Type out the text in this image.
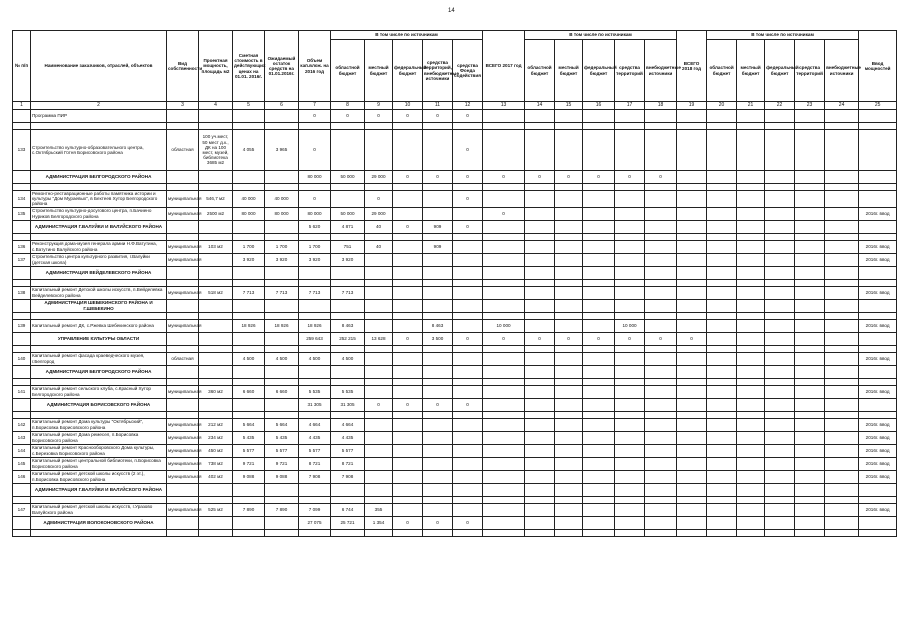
14
№ п/п	Наименование заказчиков, отраслей, объектов	Вид собственности	Проектная мощность, площадь м2	Сметная стоимость в действующих ценах на 01.01. 2016г.	Ожидаемый остаток средств на 01.01.2016г.	Объем кап.влож. на 2016 год	В том числе по источникам					ВСЕГО 2017 год	В том числе по источникам					ВСЕГО 2018 год	В том числе по источникам					Ввод мощностей
							областной бюджет	местный бюджет	федеральный бюджет	средства территорий, внебюджетные источники	средства Фонда содействия		областной бюджет	местный бюджет	федеральный бюджет	средства территорий	внебюджетные источники		областной бюджет	местный бюджет	федеральный бюджет	средства территорий	внебюджетные источники	
1	2	3	4	5	6	7	8	9	10	11	12	13	14	15	16	17	18	19	20	21	22	23	24	25
	Программа ПИР					0	0	0	0	0	0													

133	Строительство культурно-образовательного центра, с.Октябрьский Готня Борисовского района	областная	100 уч.мест, 50 мест д.к., ДК на 100 мест, музей, библиотека 3685 м2	4 055	3 965	0					0													
	АДМИНИСТРАЦИЯ БЕЛГОРОДСКОГО РАЙОНА					80 000	50 000	29 000	0	0	0	0	0	0	0	0	0							

134	Ремонтно-реставрационные работы памятника истории и культуры "Дом Мураевых", в Бехтеев Хутор Белгородского района	муниципальная	546,7 м2	40 000	40 000	0		0			0													
135	Строительство культурно-досугового центра, п.Бачиено Нуриков Белгородского района	муниципальная	2500 м2	80 000	80 000	80 000	50 000	29 000				0												2016г. ввод
	АДМИНИСТРАЦИЯ Г.ВАЛУЙКИ И ВАЛУЙСКОГО РАЙОНА					5 620	4 871	40	0	909	0													

136	Реконструкция дома-музея генерала армии Н.Ф.Ватутина, с.Ватутино Валуйского района	муниципальная	103 м2	1 700	1 700	1 700	751	40		909														2016г. ввод
137	Строительство центра культурного развития, г.Валуйки (детская школа)	муниципальная		3 920	3 920	3 920	3 920																	2016г. ввод
	АДМИНИСТРАЦИЯ ВЕЙДЕЛЕВСКОГО РАЙОНА																							

138	Капитальный ремонт Детской школы искусств, п.Вейделевка Вейделевского района	муниципальная	518 м2	7 713	7 713	7 713	7 713																	2016г. ввод
	АДМИНИСТРАЦИЯ ШЕБЕКИНСКОГО РАЙОНА И Г.ШЕБЕКИНО																							

139	Капитальный ремонт ДК, с.Ржевка Шебекинского района	муниципальная		18 926	18 926	18 926	8 463			8 463		10 000				10 000								2016г. ввод
	УПРАВЛЕНИЕ КУЛЬТУРЫ ОБЛАСТИ					259 643	252 215	13 628	0	3 500	0	0	0	0	0	0	0	0						

140	Капитальный ремонт фасада краеведческого музея, г.Белгород	областная		4 500	4 500	4 500	4 500																	2016г. ввод
	АДМИНИСТРАЦИЯ БЕЛГОРОДСКОГО РАЙОНА																							

141	Капитальный ремонт сельского клуба, с.Красный Хутор Белгородского района	муниципальная	360 м2	6 660	6 660	5 535	5 535																	2016г. ввод
	АДМИНИСТРАЦИЯ БОРИСОВСКОГО РАЙОНА					31 305	31 305	0	0	0	0													

142	Капитальный ремонт Дома культуры "Октябрьский", п.Борисовка Борисовского района	муниципальная	212 м2	5 664	5 664	4 664	4 664																	2016г. ввод
143	Капитальный ремонт Дома ремесел, п.Борисовка Борисовского района	муниципальная	234 м2	5 435	5 435	4 435	4 435																	2016г. ввод
144	Капитальный ремонт Краснооборовского Дома культуры, с.Березовка Борисовского района	муниципальная	450 м2	5 577	5 577	5 577	5 577																	2016г. ввод
145	Капитальный ремонт центральной библиотеки, п.Борисовка Борисовского района	муниципальная	738 м2	9 721	9 721	8 721	8 721																	2016г. ввод
146	Капитальный ремонт детской школы искусств (2 эт.), п.Борисовка Борисовского района	муниципальная	402 м2	9 088	9 088	7 908	7 908																	2016г. ввод
	АДМИНИСТРАЦИЯ Г.ВАЛУЙКИ И ВАЛУЙСКОГО РАЙОНА																							

147	Капитальный ремонт детской школы искусств, г.Уразово Валуйского района	муниципальная	525 м2	7 890	7 890	7 099	6 744	355																2016г. ввод
	АДМИНИСТРАЦИЯ ВОЛОКОНОВСКОГО РАЙОНА					27 075	25 721	1 354	0	0	0													
